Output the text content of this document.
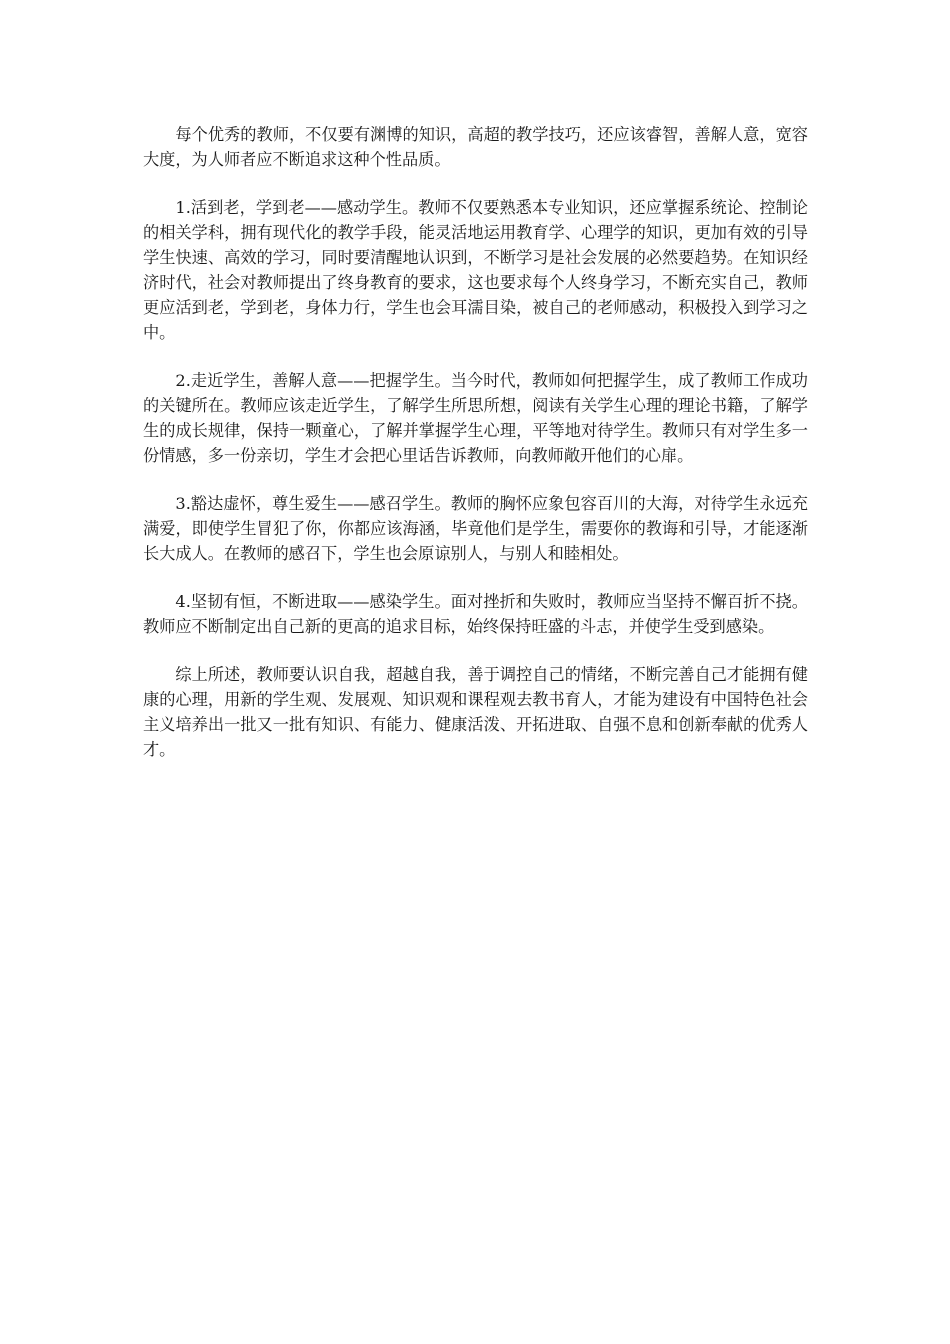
每个优秀的教师，不仅要有渊博的知识，高超的教学技巧，还应该睿智，善解人意，宽容大度，为人师者应不断追求这种个性品质。

1.活到老，学到老——感动学生。教师不仅要熟悉本专业知识，还应掌握系统论、控制论的相关学科，拥有现代化的教学手段，能灵活地运用教育学、心理学的知识，更加有效的引导学生快速、高效的学习，同时要清醒地认识到，不断学习是社会发展的必然要趋势。在知识经济时代，社会对教师提出了终身教育的要求，这也要求每个人终身学习，不断充实自己，教师更应活到老，学到老，身体力行，学生也会耳濡目染，被自己的老师感动，积极投入到学习之中。

2.走近学生，善解人意——把握学生。当今时代，教师如何把握学生，成了教师工作成功的关键所在。教师应该走近学生，了解学生所思所想，阅读有关学生心理的理论书籍，了解学生的成长规律，保持一颗童心，了解并掌握学生心理，平等地对待学生。教师只有对学生多一份情感，多一份亲切，学生才会把心里话告诉教师，向教师敞开他们的心扉。

3.豁达虚怀，尊生爱生——感召学生。教师的胸怀应象包容百川的大海，对待学生永远充满爱，即使学生冒犯了你，你都应该海涵，毕竟他们是学生，需要你的教诲和引导，才能逐渐长大成人。在教师的感召下，学生也会原谅别人，与别人和睦相处。

4.坚韧有恒，不断进取——感染学生。面对挫折和失败时，教师应当坚持不懈百折不挠。教师应不断制定出自己新的更高的追求目标，始终保持旺盛的斗志，并使学生受到感染。

综上所述，教师要认识自我，超越自我，善于调控自己的情绪，不断完善自己才能拥有健康的心理，用新的学生观、发展观、知识观和课程观去教书育人，才能为建设有中国特色社会主义培养出一批又一批有知识、有能力、健康活泼、开拓进取、自强不息和创新奉献的优秀人才。
